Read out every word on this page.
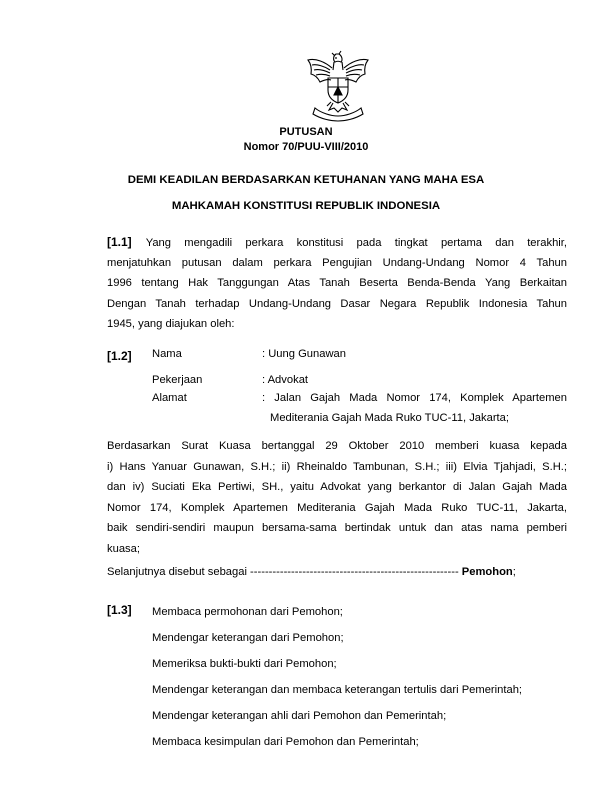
PUTUSAN
Nomor 70/PUU-VIII/2010
DEMI KEADILAN BERDASARKAN KETUHANAN YANG MAHA ESA
MAHKAMAH KONSTITUSI REPUBLIK INDONESIA
[1.1] Yang mengadili perkara konstitusi pada tingkat pertama dan terakhir,
menjatuhkan putusan dalam perkara Pengujian Undang-Undang Nomor 4 Tahun
1996 tentang Hak Tanggungan Atas Tanah Beserta Benda-Benda Yang Berkaitan
Dengan Tanah terhadap Undang-Undang Dasar Negara Republik Indonesia Tahun
1945, yang diajukan oleh:
[1.2] Nama	: Uung Gunawan
Pekerjaan	: Advokat
Alamat	: Jalan Gajah Mada Nomor 174, Komplek Apartemen
Mediterania Gajah Mada Ruko TUC-11, Jakarta;
Berdasarkan Surat Kuasa bertanggal 29 Oktober 2010 memberi kuasa kepada
i) Hans Yanuar Gunawan, S.H.; ii) Rheinaldo Tambunan, S.H.; iii) Elvia Tjahjadi, S.H.;
dan iv) Suciati Eka Pertiwi, SH., yaitu Advokat yang berkantor di Jalan Gajah Mada
Nomor 174, Komplek Apartemen Mediterania Gajah Mada Ruko TUC-11, Jakarta,
baik sendiri-sendiri maupun bersama-sama bertindak untuk dan atas nama pemberi
kuasa;
Selanjutnya disebut sebagai -------------------------------------------------------- Pemohon;
[1.3] Membaca permohonan dari Pemohon;
Mendengar keterangan dari Pemohon;
Memeriksa bukti-bukti dari Pemohon;
Mendengar keterangan dan membaca keterangan tertulis dari Pemerintah;
Mendengar keterangan ahli dari Pemohon dan Pemerintah;
Membaca kesimpulan dari Pemohon dan Pemerintah;
